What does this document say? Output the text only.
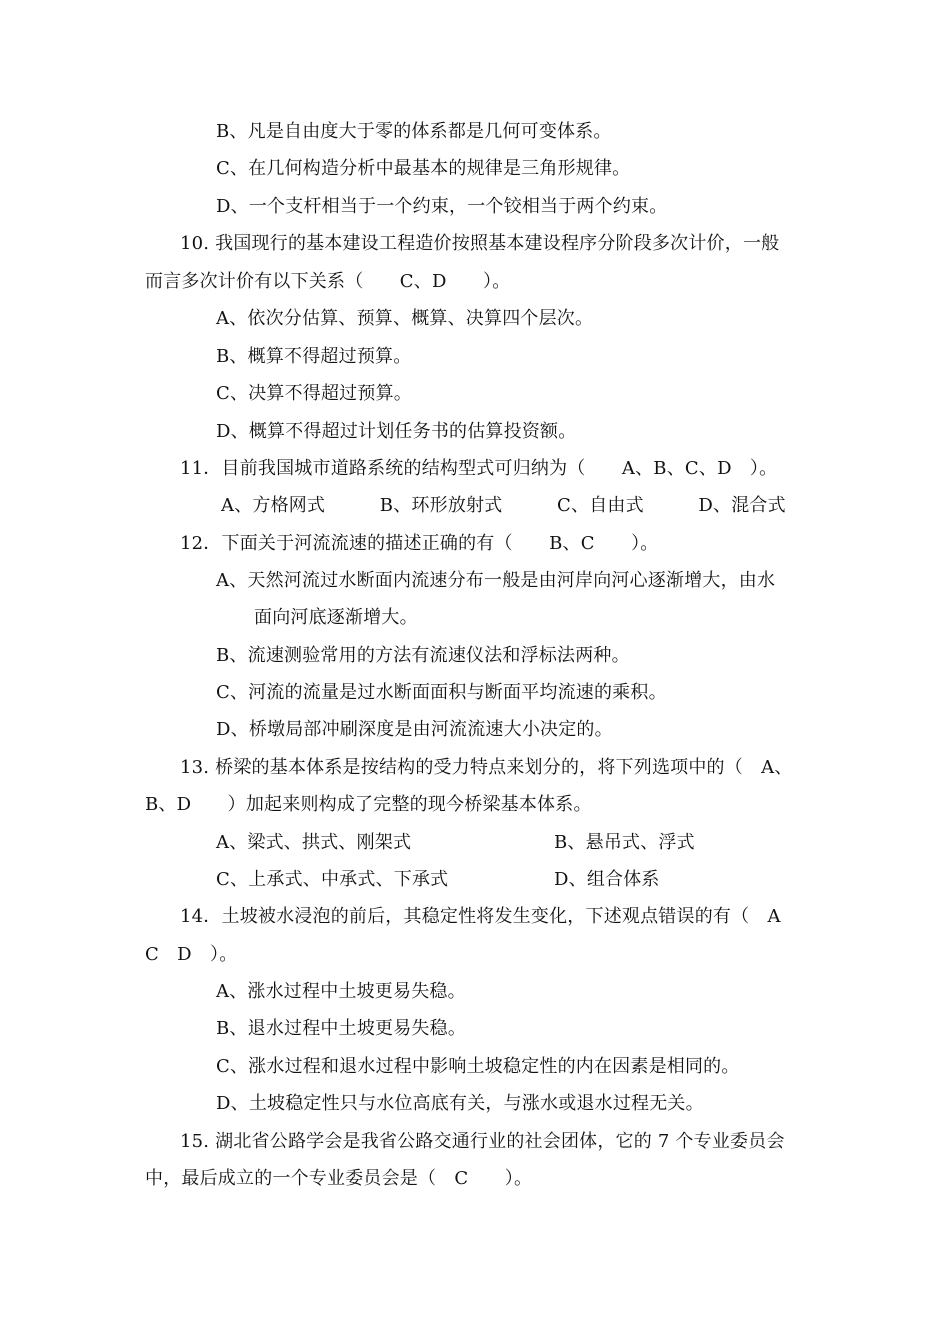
B、凡是自由度大于零的体系都是几何可变体系。
C、在几何构造分析中最基本的规律是三角形规律。
D、一个支杆相当于一个约束，一个铰相当于两个约束。
10. 我国现行的基本建设工程造价按照基本建设程序分阶段多次计价，一般
而言多次计价有以下关系（　　C、D　　）。
A、依次分估算、预算、概算、决算四个层次。
B、概算不得超过预算。
C、决算不得超过预算。
D、概算不得超过计划任务书的估算投资额。
11．目前我国城市道路系统的结构型式可归纳为（　　A、B、C、D　）。
A、方格网式　　　B、环形放射式　　　C、自由式　　　D、混合式
12．下面关于河流流速的描述正确的有（　　B、C　　）。
A、天然河流过水断面内流速分布一般是由河岸向河心逐渐增大，由水
面向河底逐渐增大。
B、流速测验常用的方法有流速仪法和浮标法两种。
C、河流的流量是过水断面面积与断面平均流速的乘积。
D、桥墩局部冲刷深度是由河流流速大小决定的。
13. 桥梁的基本体系是按结构的受力特点来划分的，将下列选项中的（　A、
B、D　　）加起来则构成了完整的现今桥梁基本体系。
A、梁式、拱式、刚架式	B、悬吊式、浮式
C、上承式、中承式、下承式	D、组合体系
14．土坡被水浸泡的前后，其稳定性将发生变化，下述观点错误的有（　A
C　D　）。
A、涨水过程中土坡更易失稳。
B、退水过程中土坡更易失稳。
C、涨水过程和退水过程中影响土坡稳定性的内在因素是相同的。
D、土坡稳定性只与水位高底有关，与涨水或退水过程无关。
15. 湖北省公路学会是我省公路交通行业的社会团体，它的 7 个专业委员会
中，最后成立的一个专业委员会是（　C　　）。
